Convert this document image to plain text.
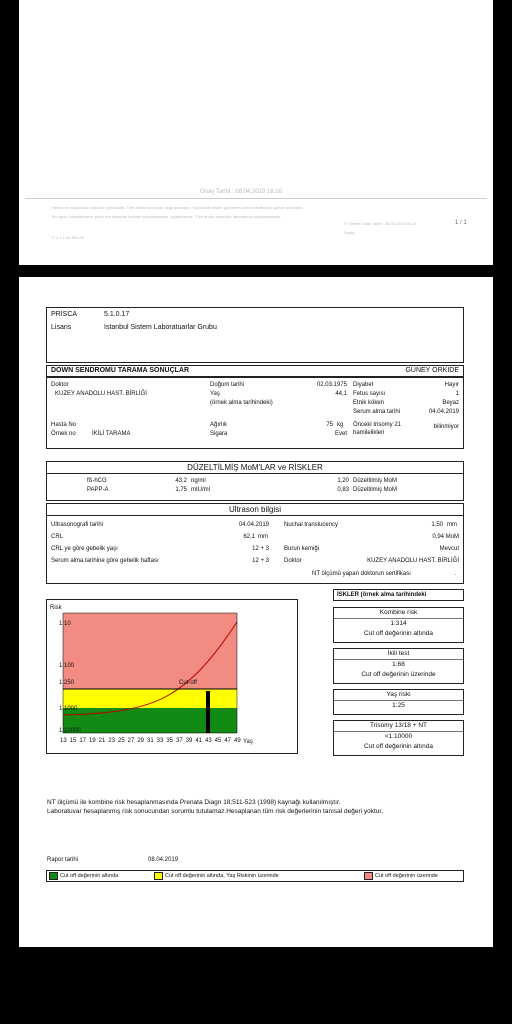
Onay Tarihi : 08.04.2019 16:18
Hekim ve oluşturulan raporları görüntüler. Tüm analiz sonuçları doğrulanmıştır. Yukarıdaki testler gönderen kurum tarafından işleme alınmıştır.
Bu rapor Laboratuvarın yazılı izni olmadan kısmen kopyalanamaz, çoğaltılamaz. Tüm analiz sonuçları laboratuvar kapsamındadır.
© Sistem Onay Tarihi : 08.04.2019 16:18
Sayfa
1 / 1
F-4.1.1-15 Rev.00
PRISCA	5.1.0.17
Lisans	Istanbul Sistem Laboratuarlar Grubu
DOWN SENDROMU TARAMA SONUÇLAR	GÜNEY ORKIDE
Doktor
KUZEY ANADOLU HAST. BİRLİĞİ
Doğum tarihi	02.03.1975
Yaş	44,1
(örnek alma tarihindeki)
Diyabet	Hayır
Fetus sayısı	1
Etnik köken	Beyaz
Serum alma tarihi	04.04.2019
Hasta No
Örnek no	İKİLİ TARAMA
Ağırlık	75 kg
Sigara	Evet
Önceki trisomy 21
hamilelikleri
bilinmiyor
DÜZELTİLMİŞ MoM'LAR ve RİSKLER
fß-hCG	43,2 ng/ml	1,20 Düzeltilmiş MoM
PAPP-A	1,75 mIU/ml	0,83 Düzeltilmiş MoM
Ultrason bilgisi
Ultrasonografi tarihi	04.04.2019
CRL	62,1 mm
CRL ye göre gebelik yaşı	12 + 3
Serum alma tarihine göre gebelik haftası	12 + 3
Nuchal translucency	1,50 mm
0,94 MoM
Burun kemiği	Mevcut
Doktor	KUZEY ANADOLU HAST. BİRLİĞİ
NT ölçümü yapan doktorun sertifikası	.
Risk
1:10
1:100
1:250
1:1000
1:10000
Cut-off
13 15 17 19 21 23 25 27 29 31 33 35 37 39 41 43 45 47 49 Yaş
İSKLER (örnek alma tarihindeki
Kombine risk
1:314
Cut off değerinin altında
İkili test
1:68
Cut off değerinin üzerinde
Yaş riski
1:25
Trisomy 13/18 + NT
<1:10000
Cut off değerinin altında
NT ölçümü ile kombine risk hesaplanmasında Prenata Diagn 18;511-523 (1998) kaynağı kullanılmıştır.
Laboratuvar hesaplanmış risk sonucundan sorumlu tutulamaz.Hesaplanan tüm risk değerlerinin tanısal değeri yoktur.
Rapor tarihi	08.04.2019
Cut off değerinin altında	Cut off değerinin altında, Yaş Riskinin üzerinde	Cut off değerinin üzerinde
